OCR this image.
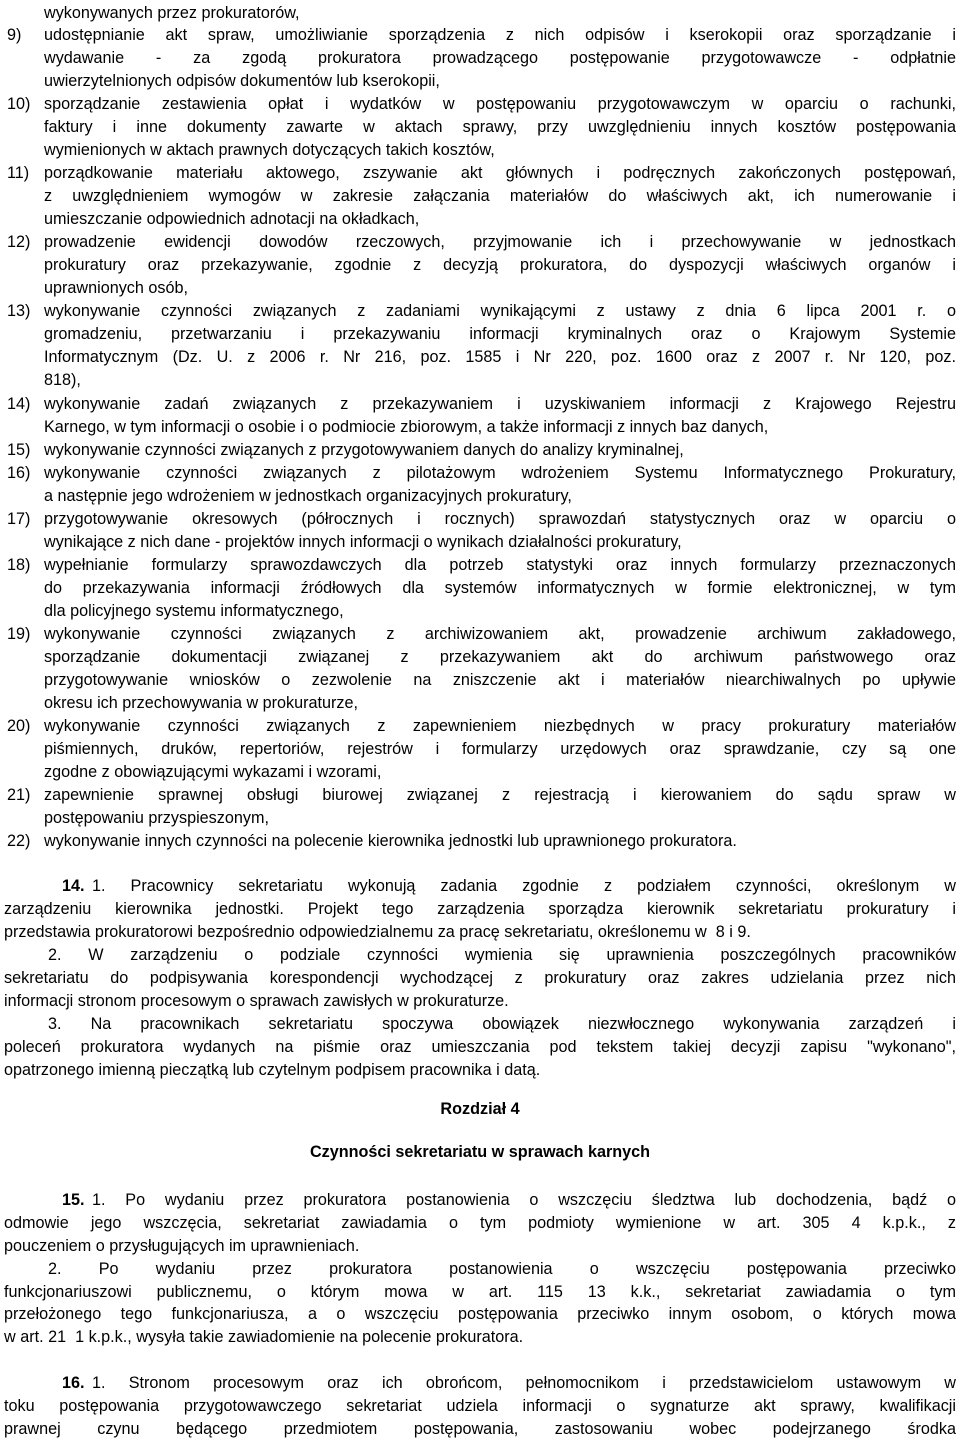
wykonywanych przez prokuratorów,
9) udostępnianie akt spraw, umożliwianie sporządzenia z nich odpisów i kserokopii oraz sporządzanie i
wydawanie - za zgodą prokuratora prowadzącego postępowanie przygotowawcze - odpłatnie
uwierzytelnionych odpisów dokumentów lub kserokopii,
10) sporządzanie zestawienia opłat i wydatków w postępowaniu przygotowawczym w oparciu o rachunki,
faktury i inne dokumenty zawarte w aktach sprawy, przy uwzględnieniu innych kosztów postępowania
wymienionych w aktach prawnych dotyczących takich kosztów,
11) porządkowanie materiału aktowego, zszywanie akt głównych i podręcznych zakończonych postępowań,
z uwzględnieniem wymogów w zakresie załączania materiałów do właściwych akt, ich numerowanie i
umieszczanie odpowiednich adnotacji na okładkach,
12) prowadzenie ewidencji dowodów rzeczowych, przyjmowanie ich i przechowywanie w jednostkach
prokuratury oraz przekazywanie, zgodnie z decyzją prokuratora, do dyspozycji właściwych organów i
uprawnionych osób,
13) wykonywanie czynności związanych z zadaniami wynikającymi z ustawy z dnia 6 lipca 2001 r. o
gromadzeniu, przetwarzaniu i przekazywaniu informacji kryminalnych oraz o Krajowym Systemie
Informatycznym (Dz. U. z 2006 r. Nr 216, poz. 1585 i Nr 220, poz. 1600 oraz z 2007 r. Nr 120, poz.
818),
14) wykonywanie zadań związanych z przekazywaniem i uzyskiwaniem informacji z Krajowego Rejestru
Karnego, w tym informacji o osobie i o podmiocie zbiorowym, a także informacji z innych baz danych,
15) wykonywanie czynności związanych z przygotowywaniem danych do analizy kryminalnej,
16) wykonywanie czynności związanych z pilotażowym wdrożeniem Systemu Informatycznego Prokuratury,
a następnie jego wdrożeniem w jednostkach organizacyjnych prokuratury,
17) przygotowywanie okresowych (półrocznych i rocznych) sprawozdań statystycznych oraz w oparciu o
wynikające z nich dane - projektów innych informacji o wynikach działalności prokuratury,
18) wypełnianie formularzy sprawozdawczych dla potrzeb statystyki oraz innych formularzy przeznaczonych
do przekazywania informacji źródłowych dla systemów informatycznych w formie elektronicznej, w tym
dla policyjnego systemu informatycznego,
19) wykonywanie czynności związanych z archiwizowaniem akt, prowadzenie archiwum zakładowego,
sporządzanie dokumentacji związanej z przekazywaniem akt do archiwum państwowego oraz
przygotowywanie wniosków o zezwolenie na zniszczenie akt i materiałów niearchiwalnych po upływie
okresu ich przechowywania w prokuraturze,
20) wykonywanie czynności związanych z zapewnieniem niezbędnych w pracy prokuratury materiałów
piśmiennych, druków, repertoriów, rejestrów i formularzy urzędowych oraz sprawdzanie, czy są one
zgodne z obowiązującymi wykazami i wzorami,
21) zapewnienie sprawnej obsługi biurowej związanej z rejestracją i kierowaniem do sądu spraw w
postępowaniu przyspieszonym,
22) wykonywanie innych czynności na polecenie kierownika jednostki lub uprawnionego prokuratora.
14. 1. Pracownicy sekretariatu wykonują zadania zgodnie z podziałem czynności, określonym w
zarządzeniu kierownika jednostki. Projekt tego zarządzenia sporządza kierownik sekretariatu prokuratury i
przedstawia prokuratorowi bezpośrednio odpowiedzialnemu za pracę sekretariatu, określonemu w  8 i 9.
2. W zarządzeniu o podziale czynności wymienia się uprawnienia poszczególnych pracowników
sekretariatu do podpisywania korespondencji wychodzącej z prokuratury oraz zakres udzielania przez nich
informacji stronom procesowym o sprawach zawisłych w prokuraturze.
3. Na pracownikach sekretariatu spoczywa obowiązek niezwłocznego wykonywania zarządzeń i
poleceń prokuratora wydanych na piśmie oraz umieszczania pod tekstem takiej decyzji zapisu "wykonano",
opatrzonego imienną pieczątką lub czytelnym podpisem pracownika i datą.
Rozdział 4
Czynności sekretariatu w sprawach karnych
15. 1. Po wydaniu przez prokuratora postanowienia o wszczęciu śledztwa lub dochodzenia, bądź o
odmowie jego wszczęcia, sekretariat zawiadamia o tym podmioty wymienione w art. 305 4 k.p.k., z
pouczeniem o przysługujących im uprawnieniach.
2. Po wydaniu przez prokuratora postanowienia o wszczęciu postępowania przeciwko
funkcjonariuszowi publicznemu, o którym mowa w art. 115 13 k.k., sekretariat zawiadamia o tym
przełożonego tego funkcjonariusza, a o wszczęciu postępowania przeciwko innym osobom, o których mowa
w art. 21  1 k.p.k., wysyła takie zawiadomienie na polecenie prokuratora.
16. 1. Stronom procesowym oraz ich obrońcom, pełnomocnikom i przedstawicielom ustawowym w
toku postępowania przygotowawczego sekretariat udziela informacji o sygnaturze akt sprawy, kwalifikacji
prawnej czynu będącego przedmiotem postępowania, zastosowaniu wobec podejrzanego środka
